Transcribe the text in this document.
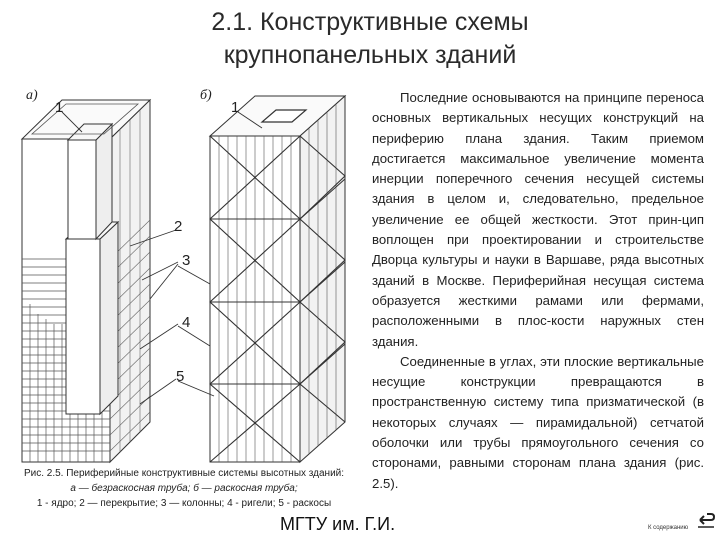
2.1. Конструктивные схемы
крупнопанельных зданий
а)	б)
1	1
2
3
4
5
Рис. 2.5. Периферийные конструктивные системы высотных зданий:
а — безраскосная труба; б — раскосная труба;
1 - ядро; 2 — перекрытие; 3 — колонны; 4 - ригели; 5 - раскосы

Последние основываются на принципе переноса основных вертикальных несущих конструкций на периферию плана здания. Таким приемом достигается максимальное увеличение момента инерции поперечного сечения несущей системы здания в целом и, следовательно, предельное увеличение ее общей жесткости. Этот прин-цип воплощен при проектировании и строительстве Дворца культуры и науки в Варшаве, ряда высотных зданий в Москве. Периферийная несущая система образуется жесткими рамами или фермами, расположенными в плос-кости наружных стен здания.

Соединенные в углах, эти плоские вертикальные несущие конструкции превращаются в пространственную систему типа призматической (в некоторых случаях — пирамидальной) сетчатой оболочки или трубы прямоугольного сечения со сторонами, равными сторонам плана здания (рис. 2.5).

МГТУ им. Г.И.	К содержанию
